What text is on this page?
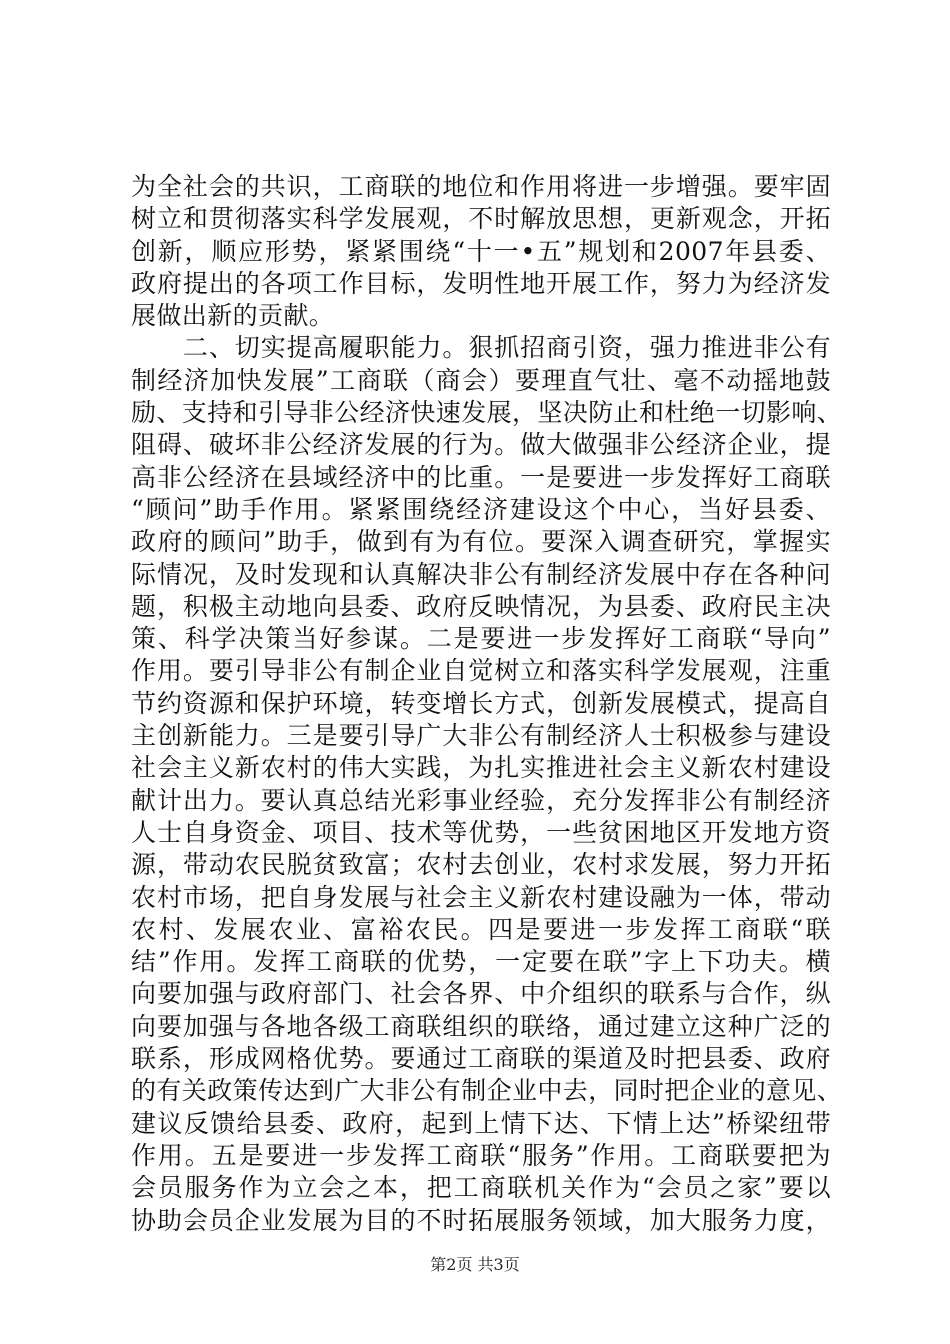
为全社会的共识，工商联的地位和作用将进一步增强。要牢固
树立和贯彻落实科学发展观，不时解放思想，更新观念，开拓
创新，顺应形势，紧紧围绕“十一•五”规划和2007年县委、
政府提出的各项工作目标，发明性地开展工作，努力为经济发
展做出新的贡献。
　　二、切实提高履职能力。狠抓招商引资，强力推进非公有
制经济加快发展”工商联（商会）要理直气壮、毫不动摇地鼓
励、支持和引导非公经济快速发展，坚决防止和杜绝一切影响、
阻碍、破坏非公经济发展的行为。做大做强非公经济企业，提
高非公经济在县域经济中的比重。一是要进一步发挥好工商联
“顾问”助手作用。紧紧围绕经济建设这个中心，当好县委、
政府的顾问”助手，做到有为有位。要深入调查研究，掌握实
际情况，及时发现和认真解决非公有制经济发展中存在各种问
题，积极主动地向县委、政府反映情况，为县委、政府民主决
策、科学决策当好参谋。二是要进一步发挥好工商联“导向”
作用。要引导非公有制企业自觉树立和落实科学发展观，注重
节约资源和保护环境，转变增长方式，创新发展模式，提高自
主创新能力。三是要引导广大非公有制经济人士积极参与建设
社会主义新农村的伟大实践，为扎实推进社会主义新农村建设
献计出力。要认真总结光彩事业经验，充分发挥非公有制经济
人士自身资金、项目、技术等优势，一些贫困地区开发地方资
源，带动农民脱贫致富；农村去创业，农村求发展，努力开拓
农村市场，把自身发展与社会主义新农村建设融为一体，带动
农村、发展农业、富裕农民。四是要进一步发挥工商联“联
结”作用。发挥工商联的优势，一定要在联”字上下功夫。横
向要加强与政府部门、社会各界、中介组织的联系与合作，纵
向要加强与各地各级工商联组织的联络，通过建立这种广泛的
联系，形成网格优势。要通过工商联的渠道及时把县委、政府
的有关政策传达到广大非公有制企业中去，同时把企业的意见、
建议反馈给县委、政府，起到上情下达、下情上达”桥梁纽带
作用。五是要进一步发挥工商联“服务”作用。工商联要把为
会员服务作为立会之本，把工商联机关作为“会员之家”要以
协助会员企业发展为目的不时拓展服务领域，加大服务力度，
第2页 共3页
